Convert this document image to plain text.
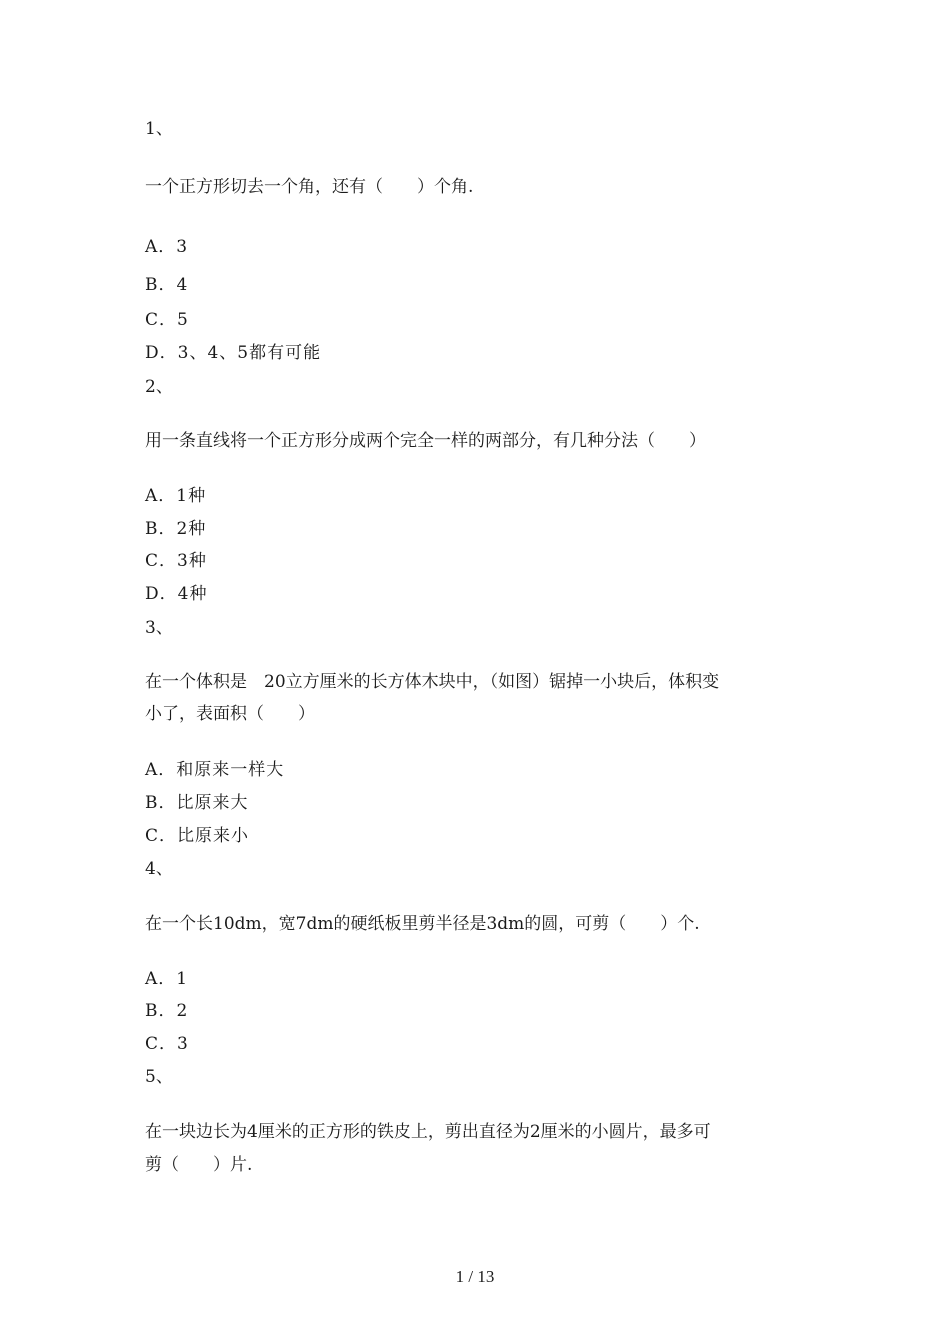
1、
一个正方形切去一个角，还有（　　）个角.
A．3
B．4
C．5
D．3、4、5都有可能
2、
用一条直线将一个正方形分成两个完全一样的两部分，有几种分法（　　）
A．1种
B．2种
C．3种
D．4种
3、
在一个体积是　20立方厘米的长方体木块中，（如图）锯掉一小块后，体积变
小了，表面积（　　）
A．和原来一样大
B．比原来大
C．比原来小
4、
在一个长10dm，宽7dm的硬纸板里剪半径是3dm的圆，可剪（　　）个.
A．1
B．2
C．3
5、
在一块边长为4厘米的正方形的铁皮上，剪出直径为2厘米的小圆片，最多可
剪（　　）片.
1 / 13
